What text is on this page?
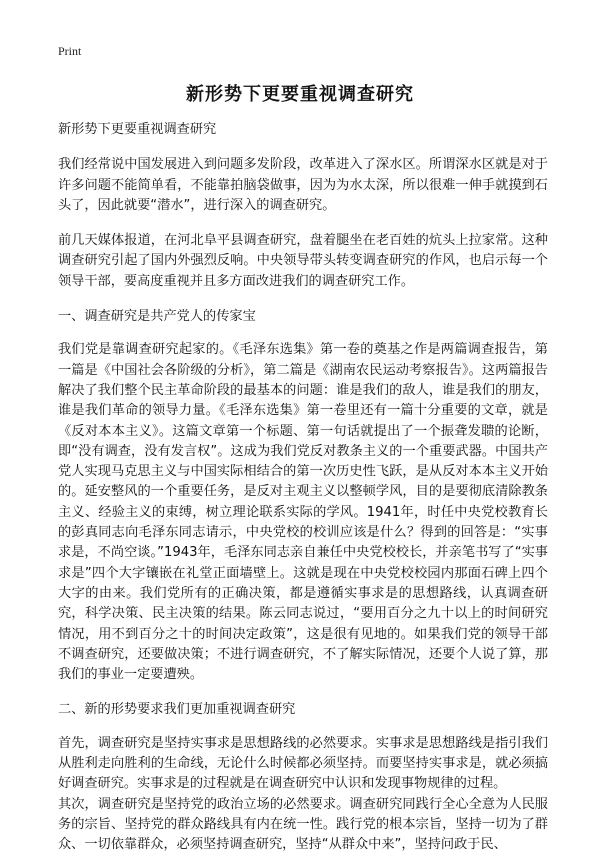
Print
新形势下更要重视调查研究

新形势下更要重视调查研究

我们经常说中国发展进入到问题多发阶段，改革进入了深水区。所谓深水区就是对于许多问题不能简单看，不能靠拍脑袋做事，因为为水太深，所以很难一伸手就摸到石头了，因此就要“潜水”，进行深入的调查研究。

前几天媒体报道，在河北阜平县调查研究，盘着腿坐在老百姓的炕头上拉家常。这种调查研究引起了国内外强烈反响。中央领导带头转变调查研究的作风，也启示每一个领导干部，要高度重视并且多方面改进我们的调查研究工作。

一、调查研究是共产党人的传家宝

我们党是靠调查研究起家的。《毛泽东选集》第一卷的奠基之作是两篇调查报告，第一篇是《中国社会各阶级的分析》，第二篇是《湖南农民运动考察报告》。这两篇报告解决了我们整个民主革命阶段的最基本的问题：谁是我们的敌人，谁是我们的朋友，谁是我们革命的领导力量。《毛泽东选集》第一卷里还有一篇十分重要的文章，就是《反对本本主义》。这篇文章第一个标题、第一句话就提出了一个振聋发聩的论断，即“没有调查，没有发言权”。这成为我们党反对教条主义的一个重要武器。中国共产党人实现马克思主义与中国实际相结合的第一次历史性飞跃，是从反对本本主义开始的。延安整风的一个重要任务，是反对主观主义以整顿学风，目的是要彻底清除教条主义、经验主义的束缚，树立理论联系实际的学风。1941年，时任中央党校教育长的彭真同志向毛泽东同志请示，中央党校的校训应该是什么？得到的回答是：“实事求是，不尚空谈。”1943年，毛泽东同志亲自兼任中央党校校长，并亲笔书写了“实事求是”四个大字镶嵌在礼堂正面墙壁上。这就是现在中央党校校园内那面石碑上四个大字的由来。我们党所有的正确决策，都是遵循实事求是的思想路线，认真调查研究，科学决策、民主决策的结果。陈云同志说过，“要用百分之九十以上的时间研究情况，用不到百分之十的时间决定政策”，这是很有见地的。如果我们党的领导干部不调查研究，还要做决策；不进行调查研究，不了解实际情况，还要个人说了算，那我们的事业一定要遭殃。

二、新的形势要求我们更加重视调查研究

首先，调查研究是坚持实事求是思想路线的必然要求。实事求是思想路线是指引我们从胜利走向胜利的生命线，无论什么时候都必须坚持。而要坚持实事求是，就必须搞好调查研究。实事求是的过程就是在调查研究中认识和发现事物规律的过程。

其次，调查研究是坚持党的政治立场的必然要求。调查研究同践行全心全意为人民服务的宗旨、坚持党的群众路线具有内在统一性。践行党的根本宗旨，坚持一切为了群众、一切依靠群众，必须坚持调查研究，坚持“从群众中来”，坚持问政于民、
